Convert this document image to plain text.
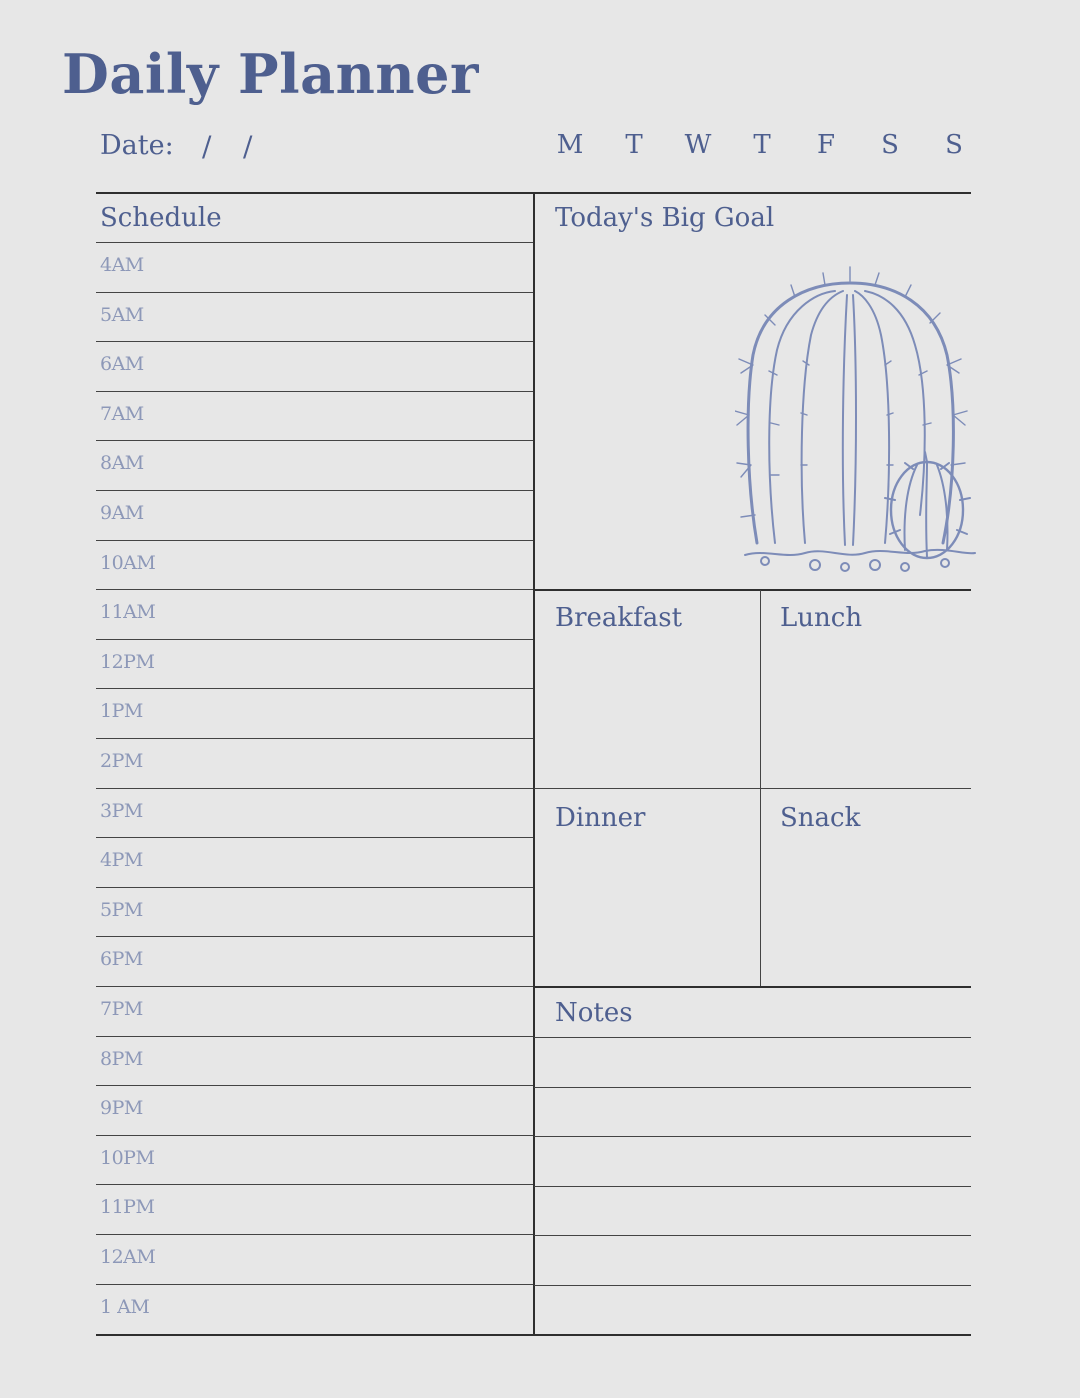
Daily Planner
Date: / /	M	T	W	T	F	S	S
Schedule
4AM
5AM
6AM
7AM
8AM
9AM
10AM
11AM
12PM
1PM
2PM
3PM
4PM
5PM
6PM
7PM
8PM
9PM
10PM
11PM
12AM
1 AM
Today's Big Goal
Breakfast	Lunch
Dinner	Snack
Notes
